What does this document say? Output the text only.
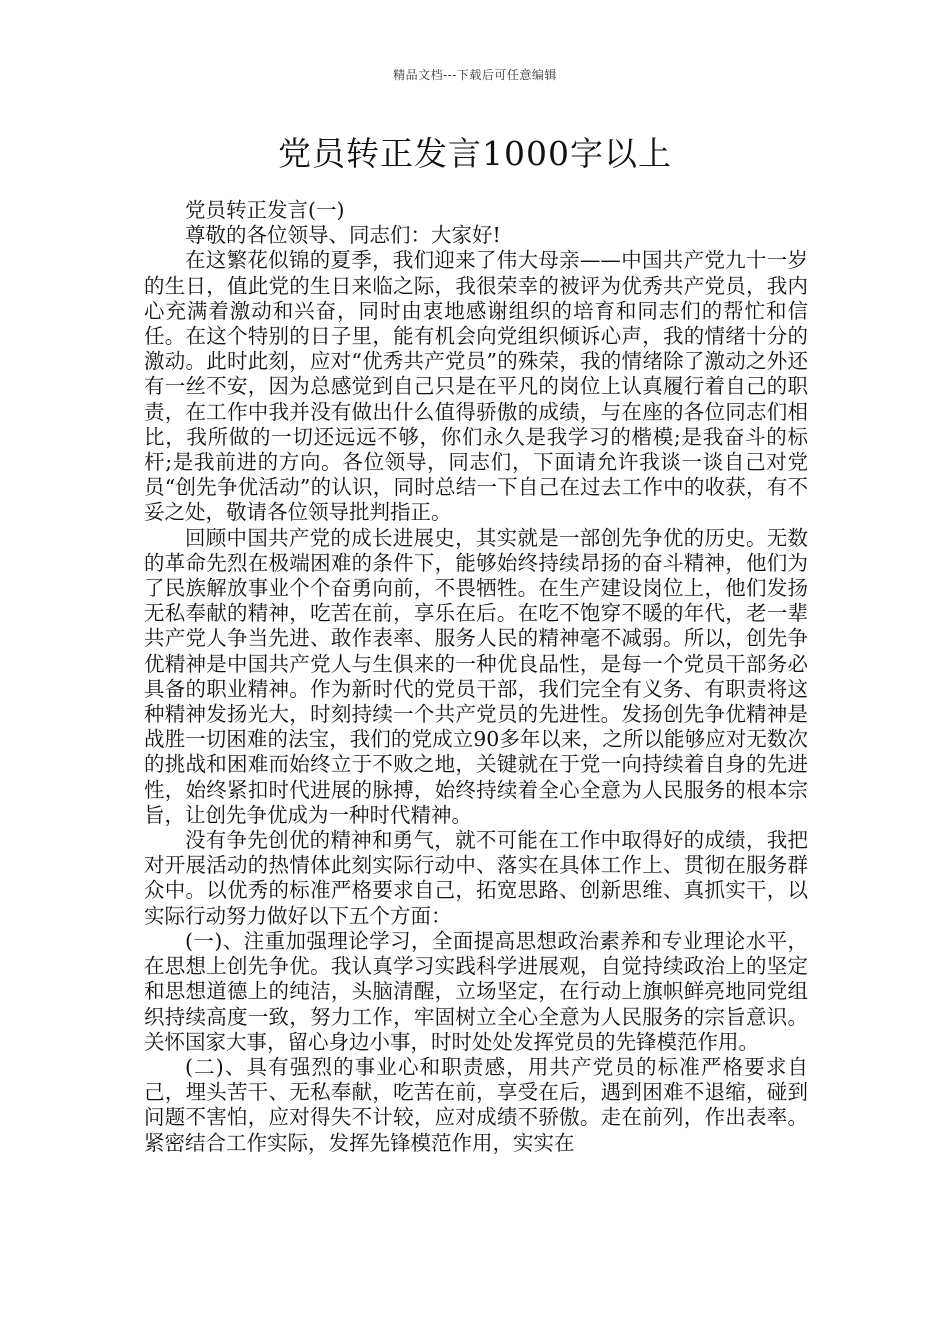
精品文档---下载后可任意编辑
党员转正发言1000字以上

党员转正发言(一)

尊敬的各位领导、同志们：大家好!

在这繁花似锦的夏季，我们迎来了伟大母亲——中国共产党九十一岁的生日，值此党的生日来临之际，我很荣幸的被评为优秀共产党员，我内心充满着激动和兴奋，同时由衷地感谢组织的培育和同志们的帮忙和信任。在这个特别的日子里，能有机会向党组织倾诉心声，我的情绪十分的激动。此时此刻，应对“优秀共产党员”的殊荣，我的情绪除了激动之外还有一丝不安，因为总感觉到自己只是在平凡的岗位上认真履行着自己的职责，在工作中我并没有做出什么值得骄傲的成绩，与在座的各位同志们相比，我所做的一切还远远不够，你们永久是我学习的楷模;是我奋斗的标杆;是我前进的方向。各位领导，同志们，下面请允许我谈一谈自己对党员“创先争优活动”的认识，同时总结一下自己在过去工作中的收获，有不妥之处，敬请各位领导批判指正。

回顾中国共产党的成长进展史，其实就是一部创先争优的历史。无数的革命先烈在极端困难的条件下，能够始终持续昂扬的奋斗精神，他们为了民族解放事业个个奋勇向前，不畏牺牲。在生产建设岗位上，他们发扬无私奉献的精神，吃苦在前，享乐在后。在吃不饱穿不暖的年代，老一辈共产党人争当先进、敢作表率、服务人民的精神毫不减弱。所以，创先争优精神是中国共产党人与生俱来的一种优良品性，是每一个党员干部务必具备的职业精神。作为新时代的党员干部，我们完全有义务、有职责将这种精神发扬光大，时刻持续一个共产党员的先进性。发扬创先争优精神是战胜一切困难的法宝，我们的党成立90多年以来，之所以能够应对无数次的挑战和困难而始终立于不败之地，关键就在于党一向持续着自身的先进性，始终紧扣时代进展的脉搏，始终持续着全心全意为人民服务的根本宗旨，让创先争优成为一种时代精神。

没有争先创优的精神和勇气，就不可能在工作中取得好的成绩，我把对开展活动的热情体此刻实际行动中、落实在具体工作上、贯彻在服务群众中。以优秀的标准严格要求自己，拓宽思路、创新思维、真抓实干，以实际行动努力做好以下五个方面：

(一)、注重加强理论学习，全面提高思想政治素养和专业理论水平，在思想上创先争优。我认真学习实践科学进展观，自觉持续政治上的坚定和思想道德上的纯洁，头脑清醒，立场坚定，在行动上旗帜鲜亮地同党组织持续高度一致，努力工作，牢固树立全心全意为人民服务的宗旨意识。关怀国家大事，留心身边小事，时时处处发挥党员的先锋模范作用。

(二)、具有强烈的事业心和职责感，用共产党员的标准严格要求自己，埋头苦干、无私奉献，吃苦在前，享受在后，遇到困难不退缩，碰到问题不害怕，应对得失不计较，应对成绩不骄傲。走在前列，作出表率。紧密结合工作实际，发挥先锋模范作用，实实在
